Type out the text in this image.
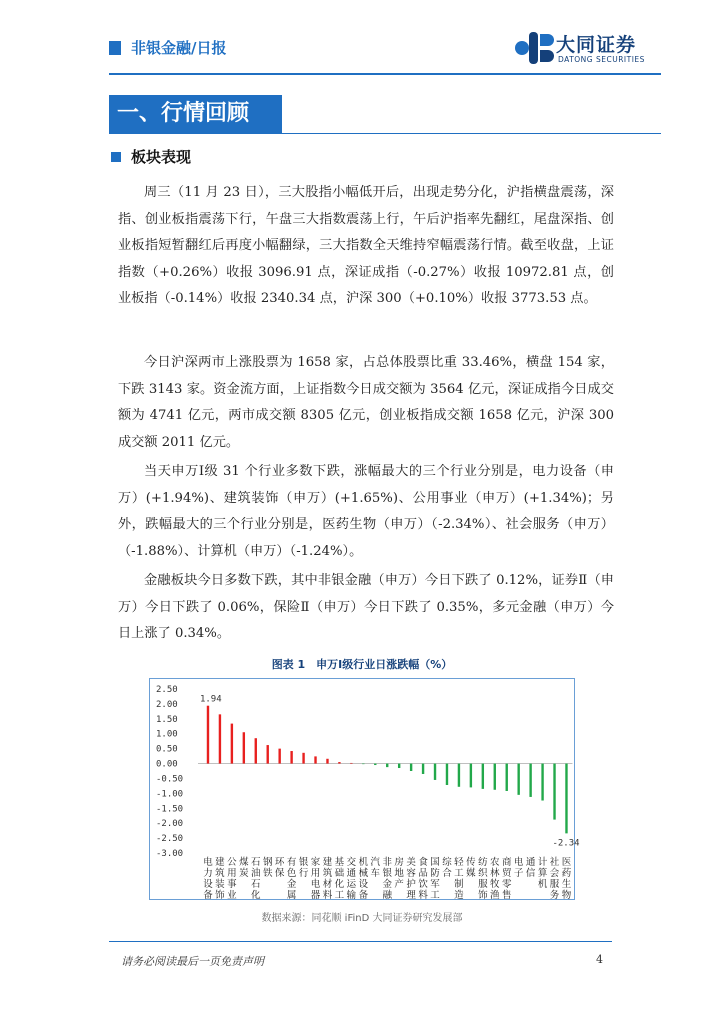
非银金融/日报	大同证券
DATONG SECURITIES
一、行情回顾
板块表现

周三（11 月 23 日），三大股指小幅低开后，出现走势分化，沪指横盘震荡，深指、创业板指震荡下行，午盘三大指数震荡上行，午后沪指率先翻红，尾盘深指、创业板指短暂翻红后再度小幅翻绿，三大指数全天维持窄幅震荡行情。截至收盘，上证指数（+0.26%）收报 3096.91 点，深证成指（-0.27%）收报 10972.81 点，创业板指（-0.14%）收报 2340.34 点，沪深 300（+0.10%）收报 3773.53 点。

今日沪深两市上涨股票为 1658 家，占总体股票比重 33.46%，横盘 154 家，下跌 3143 家。资金流方面，上证指数今日成交额为 3564 亿元，深证成指今日成交额为 4741 亿元，两市成交额 8305 亿元，创业板指成交额 1658 亿元，沪深 300 成交额 2011 亿元。

当天申万Ⅰ级 31 个行业多数下跌，涨幅最大的三个行业分别是，电力设备（申万）(+1.94%)、建筑装饰（申万）(+1.65%)、公用事业（申万）(+1.34%)；另外，跌幅最大的三个行业分别是，医药生物（申万）（-2.34%）、社会服务（申万）（-1.88%）、计算机（申万）（-1.24%）。

金融板块今日多数下跌，其中非银金融（申万）今日下跌了 0.12%，证券Ⅱ（申万）今日下跌了 0.06%，保险Ⅱ（申万）今日下跌了 0.35%，多元金融（申万）今日上涨了 0.34%。

图表 1　申万Ⅰ级行业日涨跌幅（%）
2.50
2.00
1.50
1.00
0.50
0.00
-0.50
-1.00
-1.50
-2.00
-2.50
-3.00
电
力
设
备
建
筑
装
饰
公
用
事
业
煤
炭
石
油
石
化
钢
铁
环
保
有
色
金
属
银
行
家
用
电
器
建
筑
材
料
基
础
化
工
交
通
运
输
机
械
设
备
汽
车
非
银
金
融
房
地
产
美
容
护
理
食
品
饮
料
国
防
军
工
综
合
轻
工
制
造
传
媒
纺
织
服
饰
农
林
牧
渔
商
贸
零
售
电
子
通
信
计
算
机
社
会
服
务
医
药
生
物
1.94
-2.34
数据来源：同花顺 iFinD 大同证券研究发展部
请务必阅读最后一页免责声明	4
